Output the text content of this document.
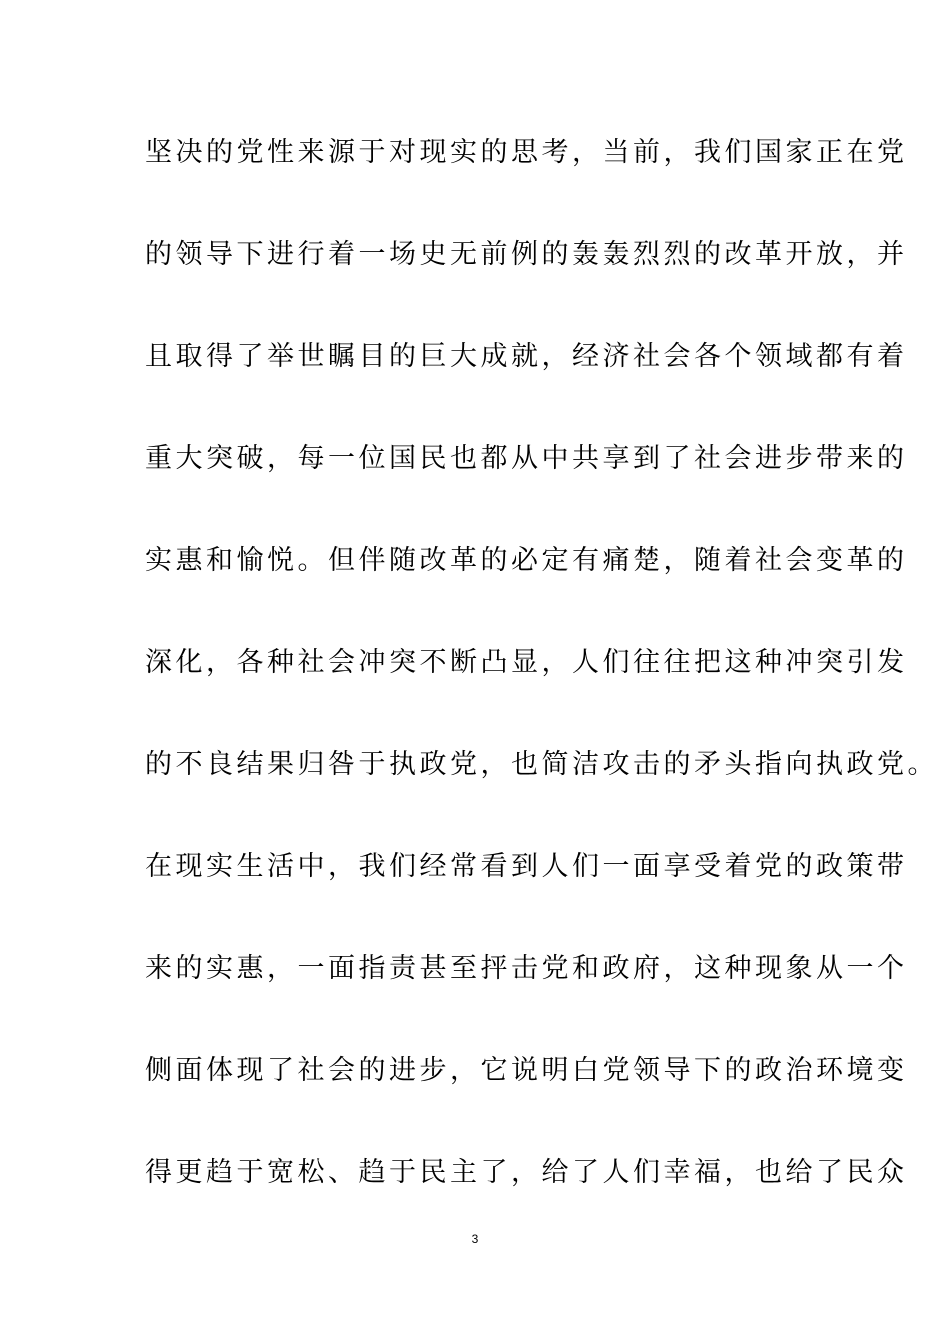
坚决的党性来源于对现实的思考，当前，我们国家正在党
的领导下进行着一场史无前例的轰轰烈烈的改革开放，并
且取得了举世瞩目的巨大成就，经济社会各个领域都有着
重大突破，每一位国民也都从中共享到了社会进步带来的
实惠和愉悦。但伴随改革的必定有痛楚，随着社会变革的
深化，各种社会冲突不断凸显，人们往往把这种冲突引发
的不良结果归咎于执政党，也简洁攻击的矛头指向执政党。
在现实生活中，我们经常看到人们一面享受着党的政策带
来的实惠，一面指责甚至抨击党和政府，这种现象从一个
侧面体现了社会的进步，它说明白党领导下的政治环境变
得更趋于宽松、趋于民主了，给了人们幸福，也给了民众
3
